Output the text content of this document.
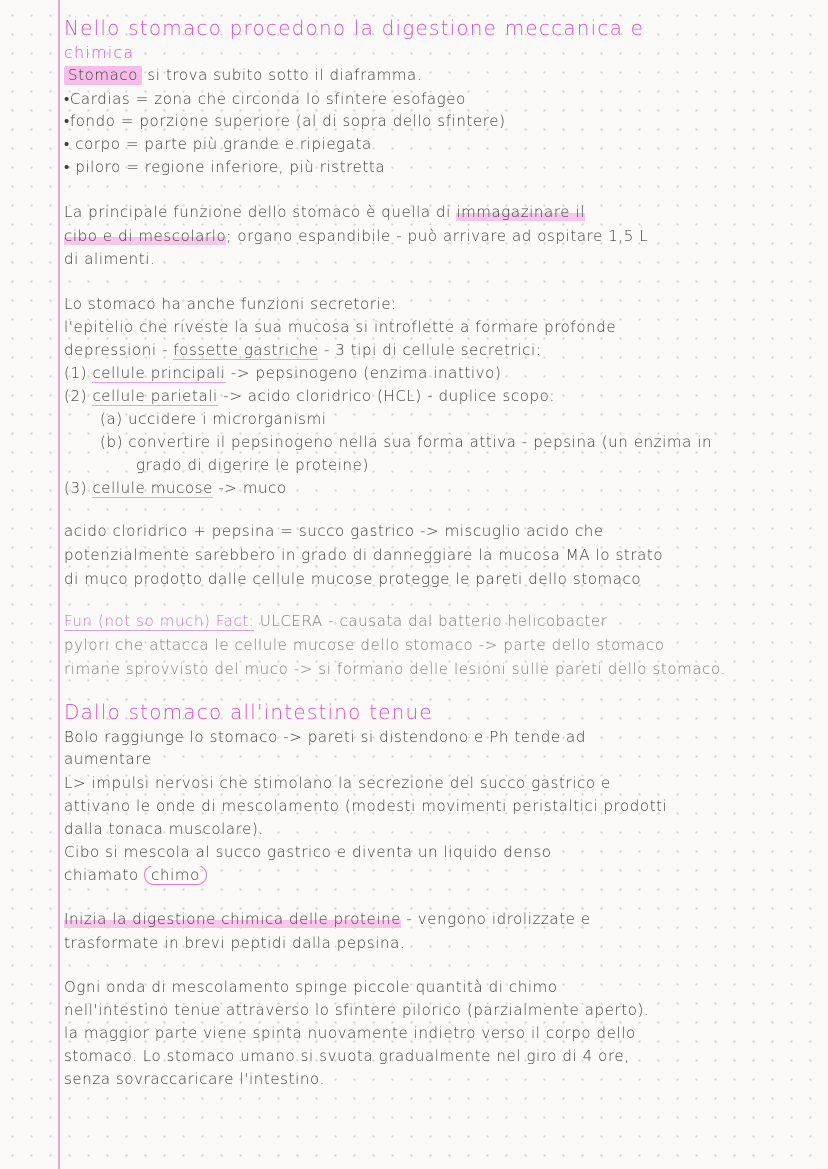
Nello stomaco procedono la digestione meccanica e
chimica
Stomaco si trova subito sotto il diaframma.
•Cardias = zona che circonda lo sfintere esofageo
•fondo = porzione superiore (al di sopra dello sfintere)
• corpo = parte più grande e ripiegata
• piloro = regione inferiore, più ristretta
La principale funzione dello stomaco è quella di immagazinare il
cibo e di mescolarlo; organo espandibile - può arrivare ad ospitare 1,5 L
di alimenti.
Lo stomaco ha anche funzioni secretorie:
l'epitelio che riveste la sua mucosa si introflette a formare profonde
depressioni - fossette gastriche - 3 tipi di cellule secretrici:
(1) cellule principali -> pepsinogeno (enzima inattivo)
(2) cellule parietali -> acido cloridrico (HCL) - duplice scopo:
(a) uccidere i microrganismi
(b) convertire il pepsinogeno nella sua forma attiva - pepsina (un enzima in
grado di digerire le proteine)
(3) cellule mucose -> muco
acido cloridrico + pepsina = succo gastrico -> miscuglio acido che
potenzialmente sarebbero in grado di danneggiare la mucosa MA lo strato
di muco prodotto dalle cellule mucose protegge le pareti dello stomaco
Fun (not so much) Fact: ULCERA - causata dal batterio helicobacter
pylori che attacca le cellule mucose dello stomaco -> parte dello stomaco
rimane sprovvisto del muco -> si formano delle lesioni sulle pareti dello stomaco.
Dallo stomaco all'intestino tenue
Bolo raggiunge lo stomaco -> pareti si distendono e Ph tende ad
aumentare
L> impulsi nervosi che stimolano la secrezione del succo gastrico e
attivano le onde di mescolamento (modesti movimenti peristaltici prodotti
dalla tonaca muscolare).
Cibo si mescola al succo gastrico e diventa un liquido denso
chiamato chimo
Inizia la digestione chimica delle proteine - vengono idrolizzate e
trasformate in brevi peptidi dalla pepsina.
Ogni onda di mescolamento spinge piccole quantità di chimo
nell'intestino tenue attraverso lo sfintere pilorico (parzialmente aperto).
la maggior parte viene spinta nuovamente indietro verso il corpo dello
stomaco. Lo stomaco umano si svuota gradualmente nel giro di 4 ore,
senza sovraccaricare l'intestino.
